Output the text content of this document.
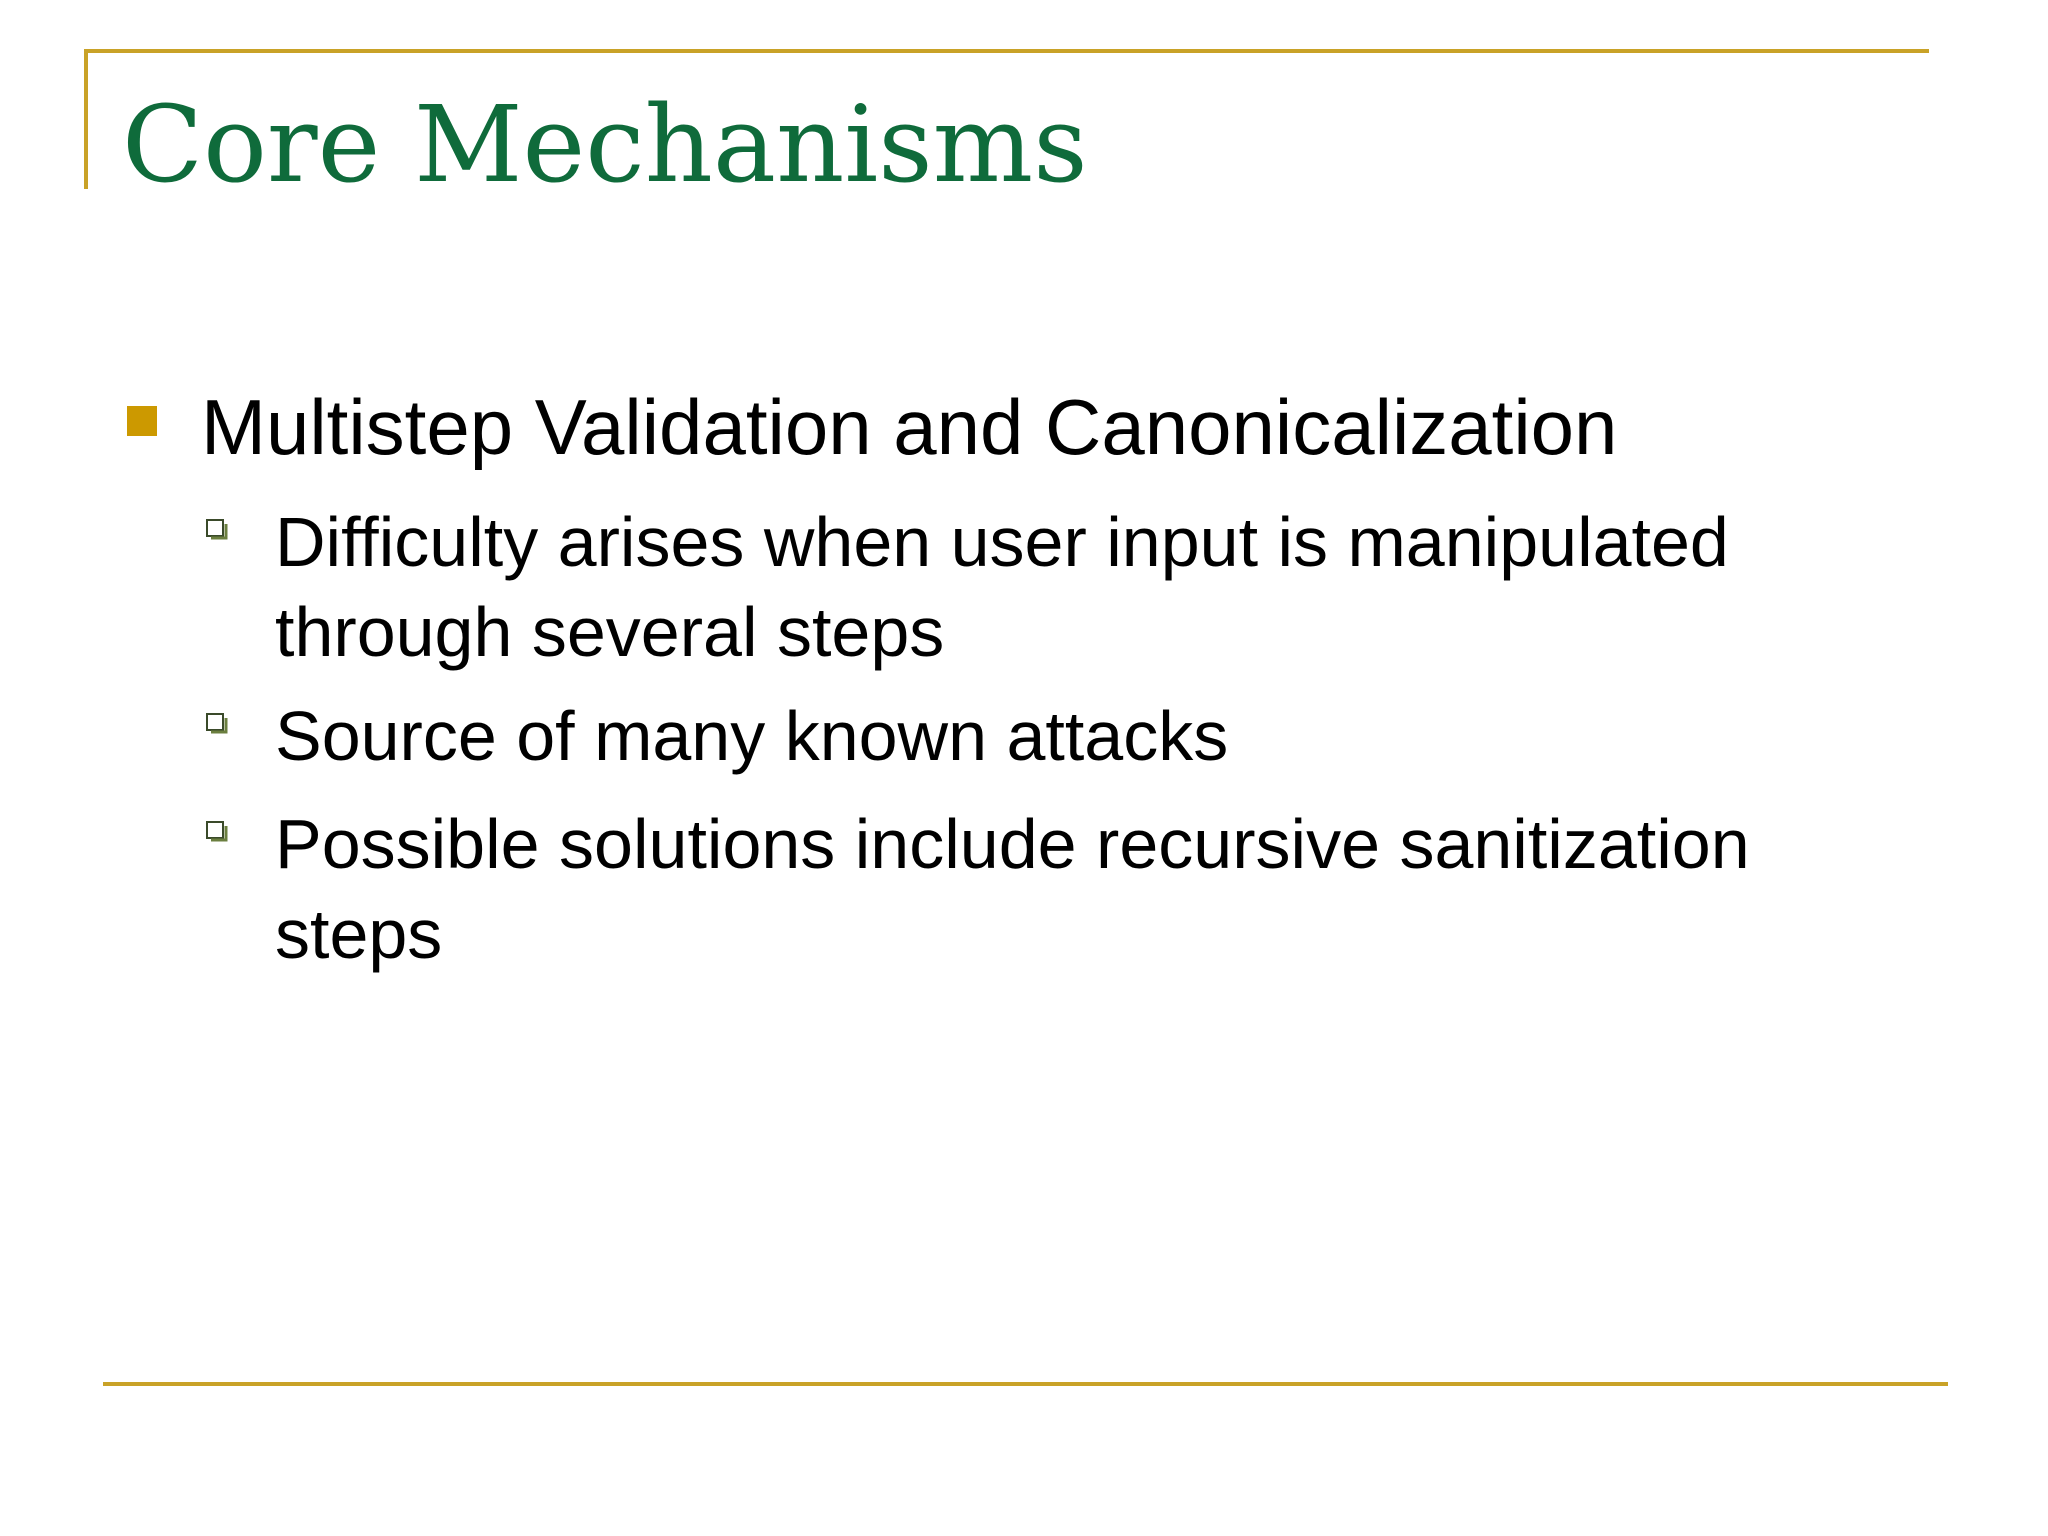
Core Mechanisms
Multistep Validation and Canonicalization
Difficulty arises when user input is manipulated through several steps
Source of many known attacks
Possible solutions include recursive sanitization steps
